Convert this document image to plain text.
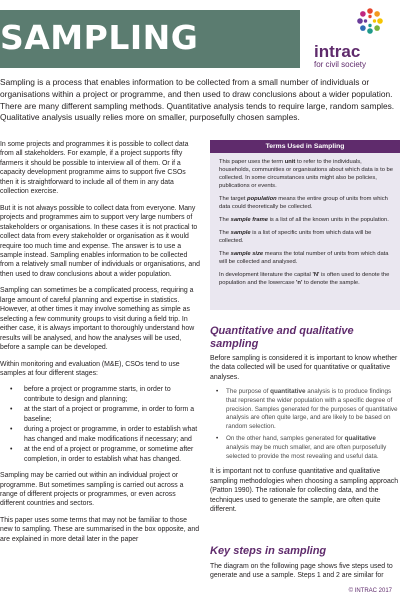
SAMPLING	intrac
for civil society

Sampling is a process that enables information to be collected from a small number of individuals or organisations within a project or programme, and then used to draw conclusions about a wider population. There are many different sampling methods. Quantitative analysis tends to require large, random samples. Qualitative analysis usually relies more on smaller, purposefully chosen samples.

In some projects and programmes it is possible to collect data from all stakeholders. For example, if a project supports fifty farmers it should be possible to interview all of them. Or if a capacity development programme aims to support five CSOs then it is straightforward to include all of them in any data collection exercise.

But it is not always possible to collect data from everyone. Many projects and programmes aim to support very large numbers of stakeholders or organisations. In these cases it is not practical to collect data from every stakeholder or organisation as it would require too much time and expense. The answer is to use a sample instead. Sampling enables information to be collected from a relatively small number of individuals or organisations, and then used to draw conclusions about a wider population.

Sampling can sometimes be a complicated process, requiring a large amount of careful planning and expertise in statistics. However, at other times it may involve something as simple as selecting a few community groups to visit during a field trip. In either case, it is always important to thoroughly understand how results will be analysed, and how the analyses will be used, before a sample can be developed.

Within monitoring and evaluation (M&E), CSOs tend to use samples at four different stages:

• before a project or programme starts, in order to contribute to design and planning;
• at the start of a project or programme, in order to form a baseline;
• during a project or programme, in order to establish what has changed and make modifications if necessary; and
• at the end of a project or programme, or sometime after completion, in order to establish what has changed.

Sampling may be carried out within an individual project or programme. But sometimes sampling is carried out across a range of different projects or programmes, or even across different countries and sectors.

This paper uses some terms that may not be familiar to those new to sampling. These are summarised in the box opposite, and are explained in more detail later in the paper

Terms Used in Sampling

This paper uses the term unit to refer to the individuals, households, communities or organisations about which data is to be collected. In some circumstances units might also be policies, publications or events.

The target population means the entire group of units from which data could theoretically be collected.

The sample frame is a list of all the known units in the population.

The sample is a list of specific units from which data will be collected.

The sample size means the total number of units from which data will be collected and analysed.

In development literature the capital 'N' is often used to denote the population and the lowercase 'n' to denote the sample.

Quantitative and qualitative sampling

Before sampling is considered it is important to know whether the data collected will be used for quantitative or qualitative analyses.

• The purpose of quantitative analysis is to produce findings that represent the wider population with a specific degree of precision. Samples generated for the purposes of quantitative analysis are often quite large, and are likely to be based on random selection.
• On the other hand, samples generated for qualitative analysis may be much smaller, and are often purposefully selected to provide the most revealing and useful data.

It is important not to confuse quantitative and qualitative sampling methodologies when choosing a sampling approach (Patton 1990). The rationale for collecting data, and the techniques used to generate the sample, are often quite different.

Key steps in sampling

The diagram on the following page shows five steps used to generate and use a sample. Steps 1 and 2 are similar for

© INTRAC 2017
